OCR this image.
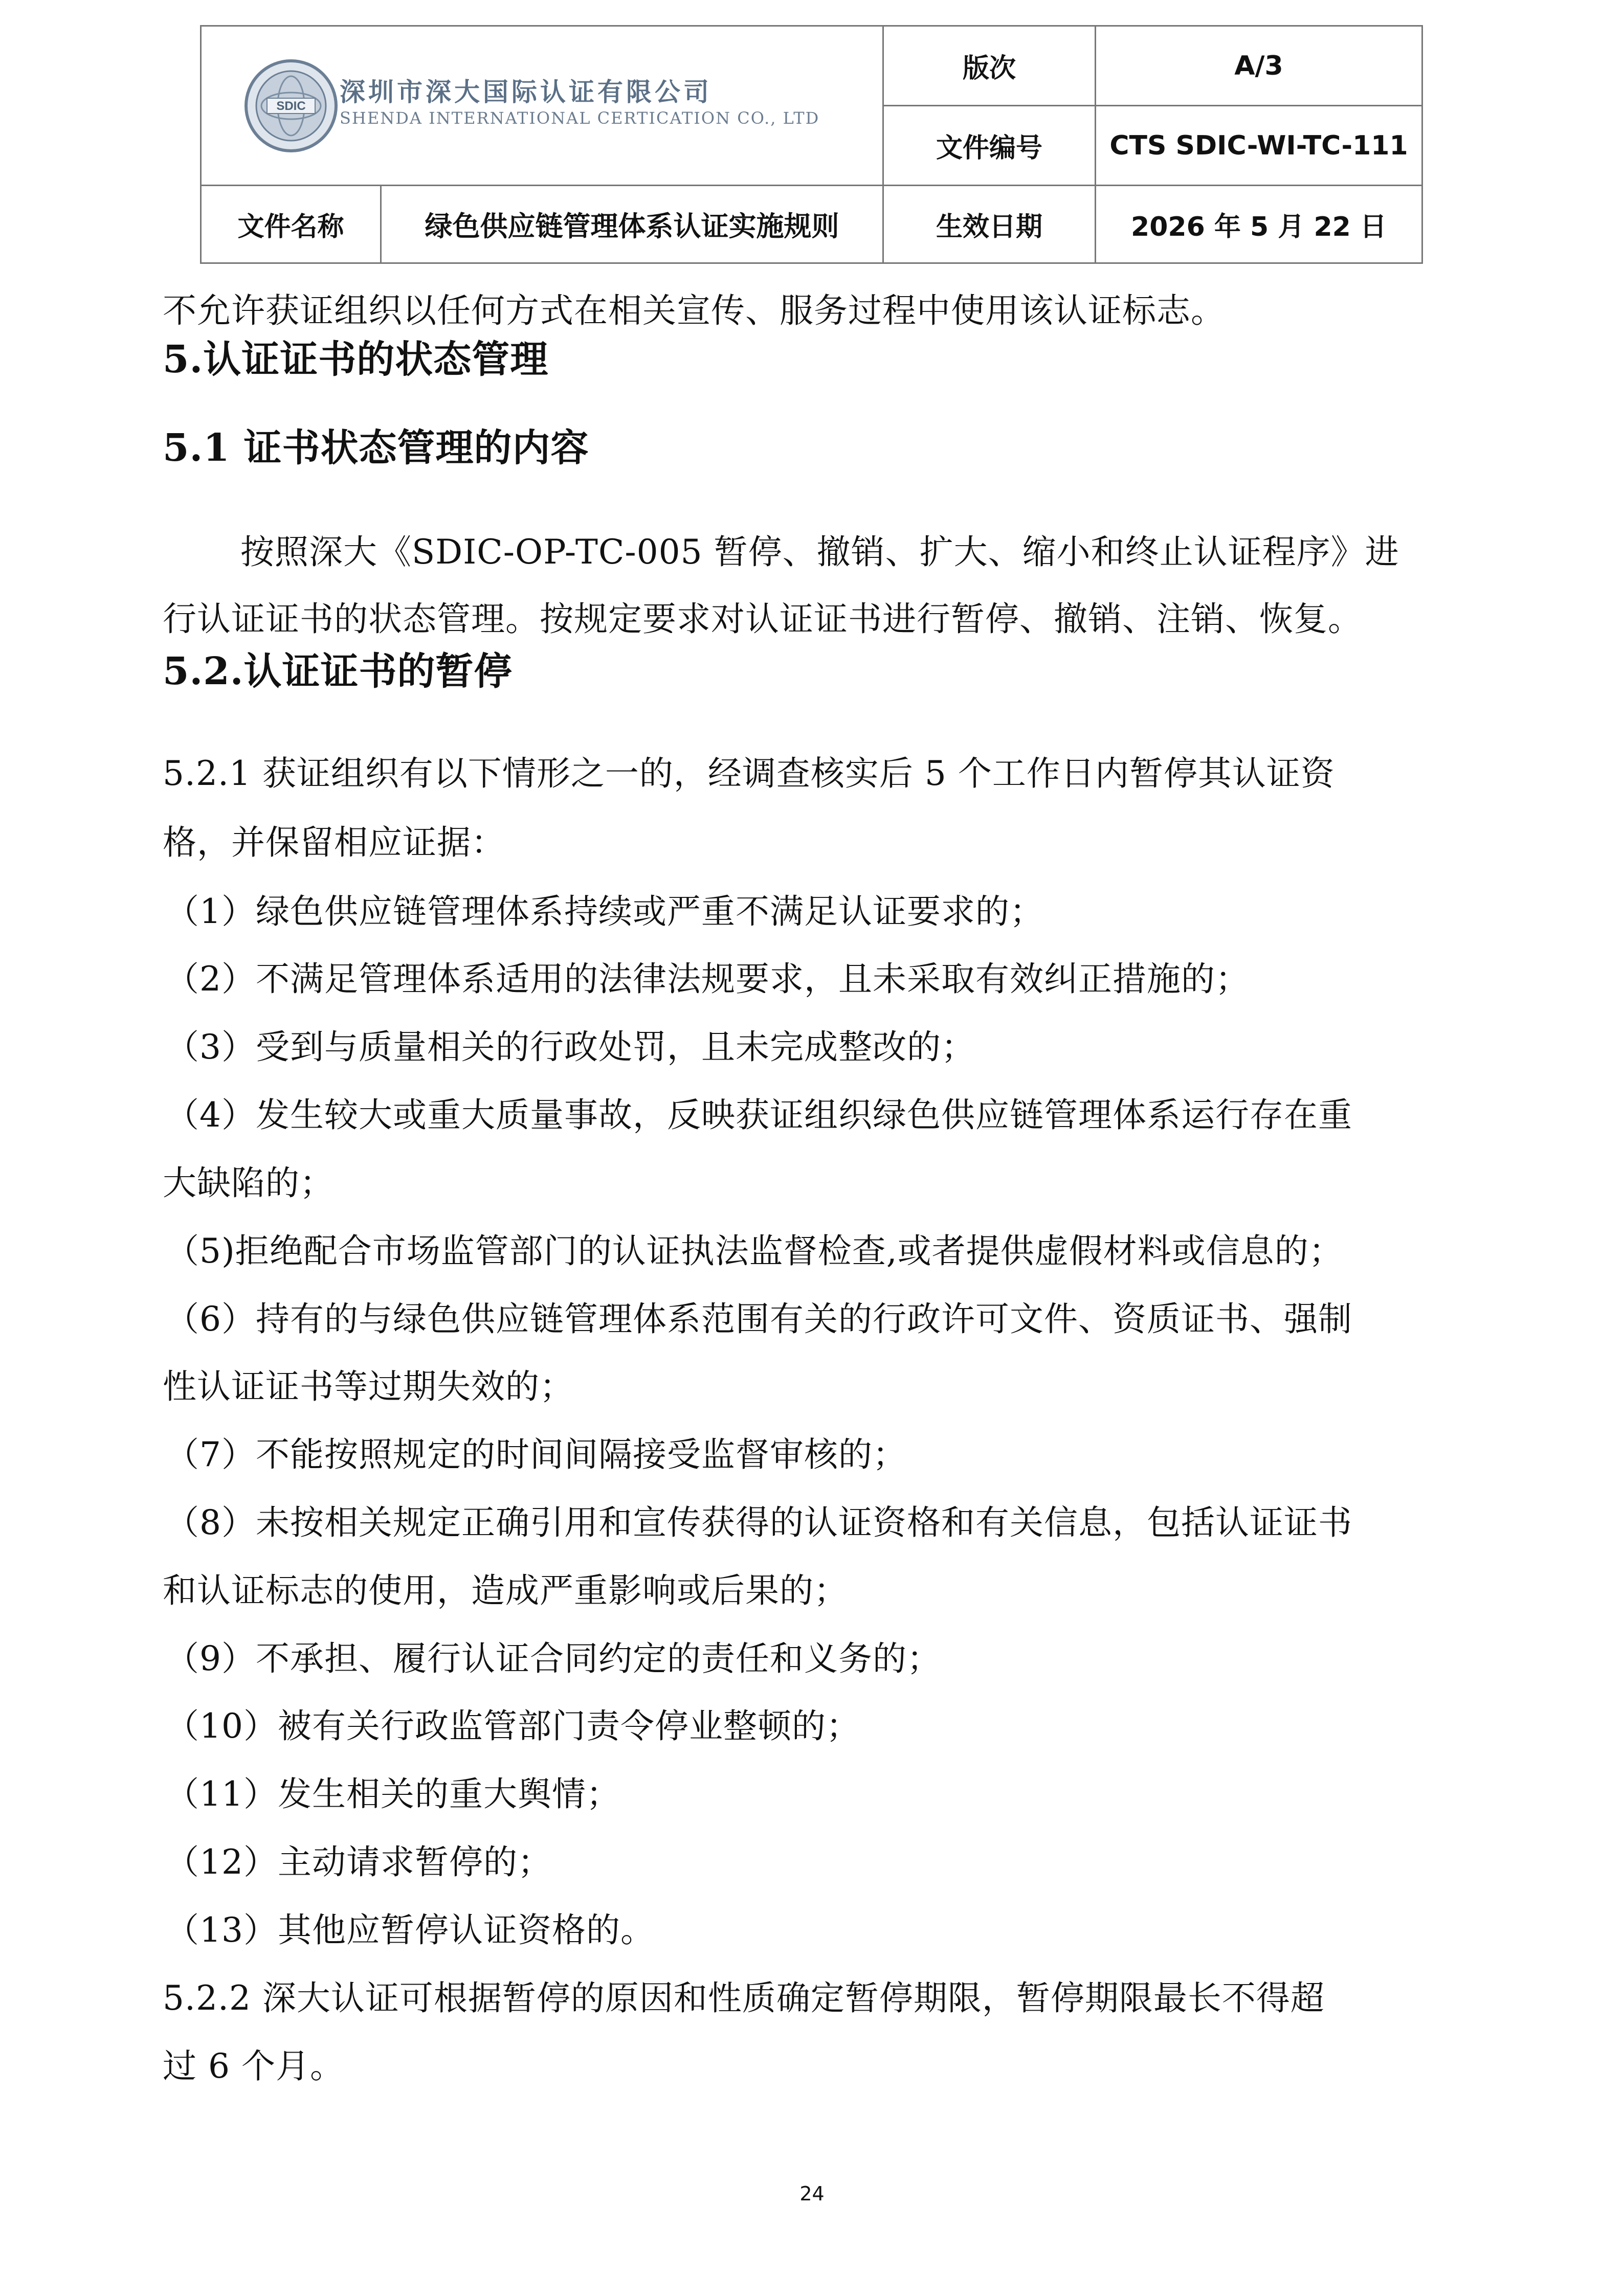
SDIC 深圳市深大国际认证有限公司
SHENDA INTERNATIONAL CERTICATION CO., LTD		版次	A/3
		文件编号	CTS SDIC-WI-TC-111
文件名称	绿色供应链管理体系认证实施规则	生效日期	2026 年 5 月 22 日
不允许获证组织以任何方式在相关宣传、服务过程中使用该认证标志。
5.认证证书的状态管理
5.1 证书状态管理的内容
按照深大《SDIC-OP-TC-005 暂停、撤销、扩大、缩小和终止认证程序》进
行认证证书的状态管理。按规定要求对认证证书进行暂停、撤销、注销、恢复。
5.2.认证证书的暂停
5.2.1 获证组织有以下情形之一的，经调查核实后 5 个工作日内暂停其认证资
格，并保留相应证据：
（1）绿色供应链管理体系持续或严重不满足认证要求的；
（2）不满足管理体系适用的法律法规要求，且未采取有效纠正措施的；
（3）受到与质量相关的行政处罚，且未完成整改的；
（4）发生较大或重大质量事故，反映获证组织绿色供应链管理体系运行存在重
大缺陷的；
（5)拒绝配合市场监管部门的认证执法监督检查,或者提供虚假材料或信息的；
（6）持有的与绿色供应链管理体系范围有关的行政许可文件、资质证书、强制
性认证证书等过期失效的；
（7）不能按照规定的时间间隔接受监督审核的；
（8）未按相关规定正确引用和宣传获得的认证资格和有关信息，包括认证证书
和认证标志的使用，造成严重影响或后果的；
（9）不承担、履行认证合同约定的责任和义务的；
（10）被有关行政监管部门责令停业整顿的；
（11）发生相关的重大舆情；
（12）主动请求暂停的；
（13）其他应暂停认证资格的。
5.2.2 深大认证可根据暂停的原因和性质确定暂停期限，暂停期限最长不得超
过 6 个月。
24
